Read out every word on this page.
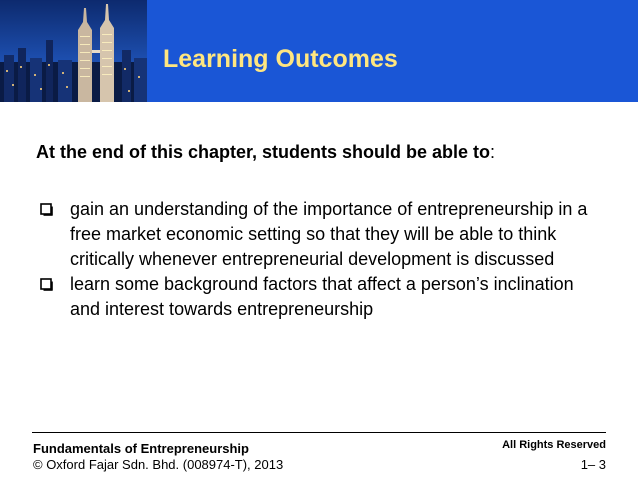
Learning Outcomes
At the end of this chapter, students should be able to:
gain an understanding of the importance of entrepreneurship in a free market economic setting so that they will be able to think critically whenever entrepreneurial development is discussed
learn some background factors that affect a person’s inclination and interest towards entrepreneurship
Fundamentals of Entrepreneurship
© Oxford Fajar Sdn. Bhd. (008974-T), 2013
All Rights Reserved
1– 3
